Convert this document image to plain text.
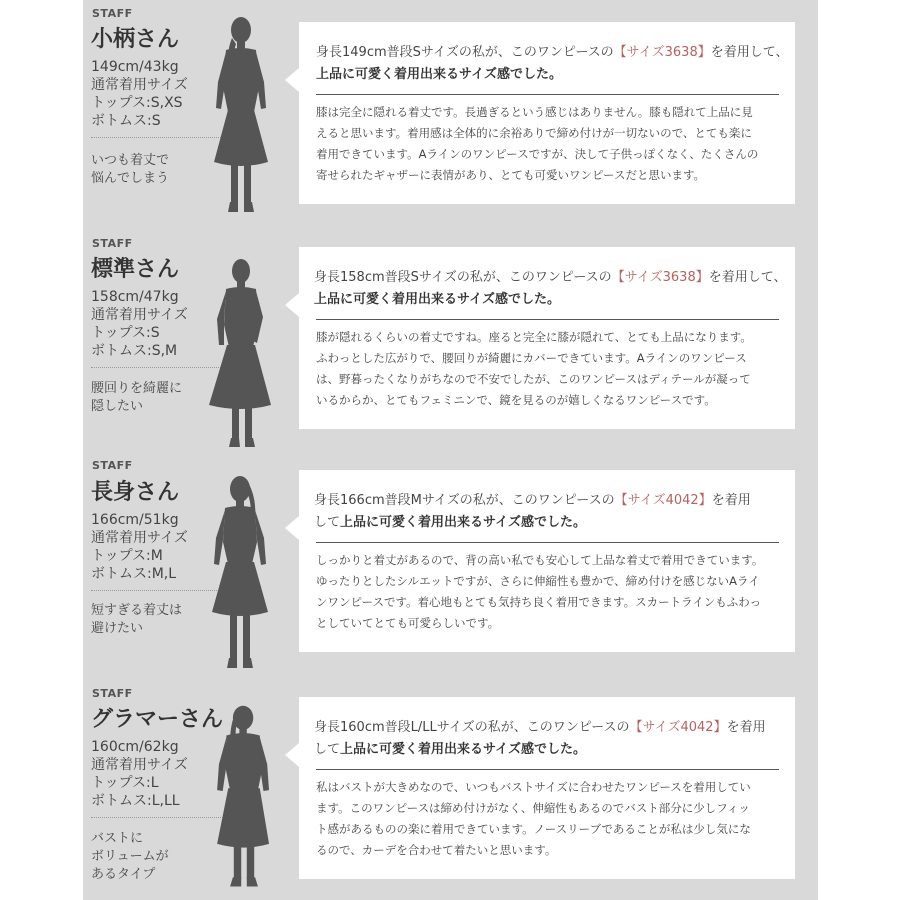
STAFF
小柄さん
149cm/43kg
通常着用サイズ
トップス:S,XS
ボトムス:S
いつも着丈で
悩んでしまう
身長149cm普段Sサイズの私が、このワンピースの【サイズ3638】を着用して、
上品に可愛く着用出来るサイズ感でした。
膝は完全に隠れる着丈です。長過ぎるという感じはありません。膝も隠れて上品に見
えると思います。着用感は全体的に余裕ありで締め付けが一切ないので、とても楽に
着用できています。Aラインのワンピースですが、決して子供っぽくなく、たくさんの
寄せられたギャザーに表情があり、とても可愛いワンピースだと思います。
STAFF
標準さん
158cm/47kg
通常着用サイズ
トップス:S
ボトムス:S,M
腰回りを綺麗に
隠したい
身長158cm普段Sサイズの私が、このワンピースの【サイズ3638】を着用して、
上品に可愛く着用出来るサイズ感でした。
膝が隠れるくらいの着丈ですね。座ると完全に膝が隠れて、とても上品になります。
ふわっとした広がりで、腰回りが綺麗にカバーできています。Aラインのワンピース
は、野暮ったくなりがちなので不安でしたが、このワンピースはディテールが凝って
いるからか、とてもフェミニンで、鏡を見るのが嬉しくなるワンピースです。
STAFF
長身さん
166cm/51kg
通常着用サイズ
トップス:M
ボトムス:M,L
短すぎる着丈は
避けたい
身長166cm普段Mサイズの私が、このワンピースの【サイズ4042】を着用
して上品に可愛く着用出来るサイズ感でした。
しっかりと着丈があるので、背の高い私でも安心して上品な着丈で着用できています。
ゆったりとしたシルエットですが、さらに伸縮性も豊かで、締め付けを感じないAライ
ンワンピースです。着心地もとても気持ち良く着用できます。スカートラインもふわっ
としていてとても可愛らしいです。
STAFF
グラマーさん
160cm/62kg
通常着用サイズ
トップス:L
ボトムス:L,LL
バストに
ボリュームが
あるタイプ
身長160cm普段L/LLサイズの私が、このワンピースの【サイズ4042】を着用
して上品に可愛く着用出来るサイズ感でした。
私はバストが大きめなので、いつもバストサイズに合わせたワンピースを着用してい
ます。このワンピースは締め付けがなく、伸縮性もあるのでバスト部分に少しフィッ
ト感があるものの楽に着用できています。ノースリーブであることが私は少し気にな
るので、カーデを合わせて着たいと思います。
